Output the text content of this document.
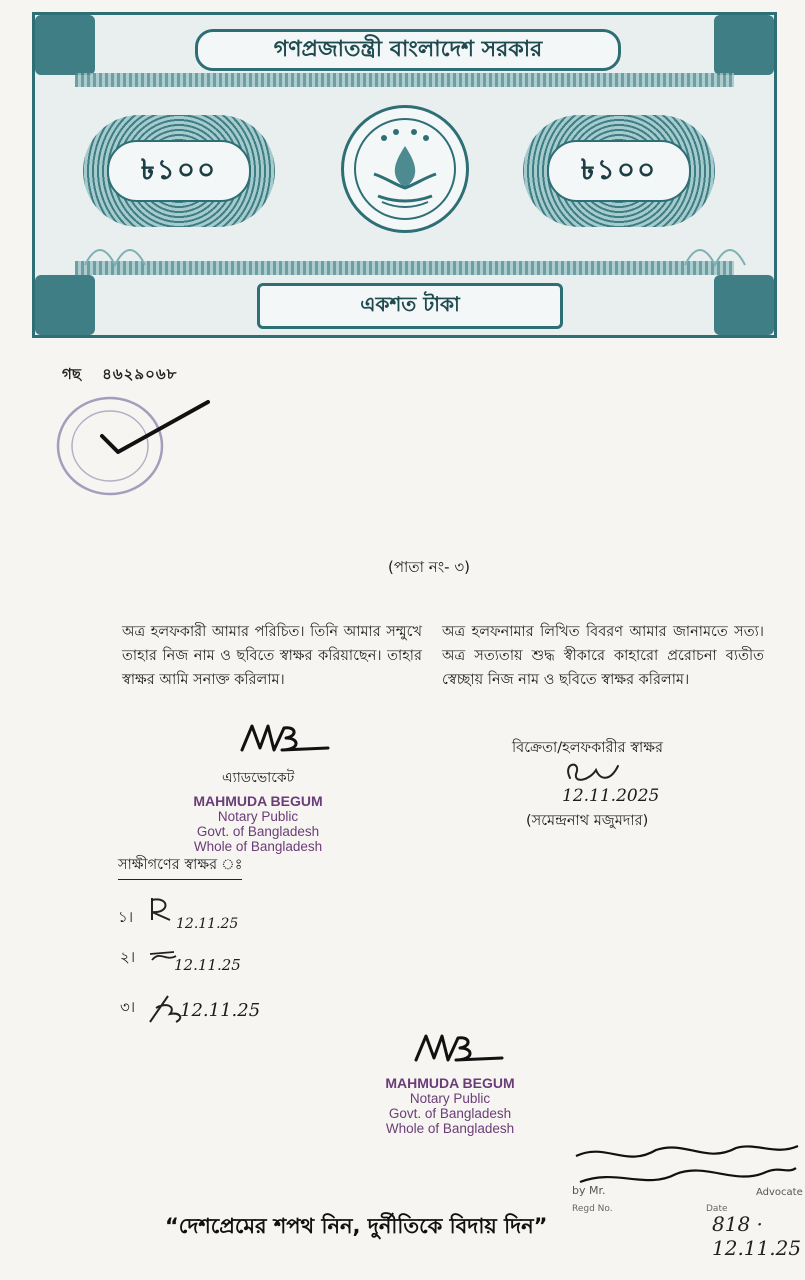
গণপ্রজাতন্ত্রী বাংলাদেশ সরকার
৳১০০	৳১০০
একশত টাকা
গছ ৪৬২৯০৬৮
(পাতা নং- ৩)

অত্র হলফকারী আমার পরিচিত। তিনি আমার সম্মুখে তাহার নিজ নাম ও ছবিতে স্বাক্ষর করিয়াছেন। তাহার স্বাক্ষর আমি সনাক্ত করিলাম।

অত্র হলফনামার লিখিত বিবরণ আমার জানামতে সত্য। অত্র সত্যতায় শুদ্ধ স্বীকারে কাহারো প্ররোচনা ব্যতীত স্বেচ্ছায় নিজ নাম ও ছবিতে স্বাক্ষর করিলাম।

এ্যাডভোকেট
MAHMUDA BEGUM
Notary Public
Govt. of Bangladesh
Whole of Bangladesh
বিক্রেতা/হলফকারীর স্বাক্ষর
12.11.2025
(সমেন্দ্রনাথ মজুমদার)
সাক্ষীগণের স্বাক্ষর ঃ
১।	12.11.25
২।	12.11.25
৩। 12.11.25
MAHMUDA BEGUM
Notary Public
Govt. of Bangladesh
Whole of Bangladesh
by Mr.	Advocate
Regd No.	Date
“দেশপ্রেমের শপথ নিন, দুর্নীতিকে বিদায় দিন”	818 · 12.11.25
